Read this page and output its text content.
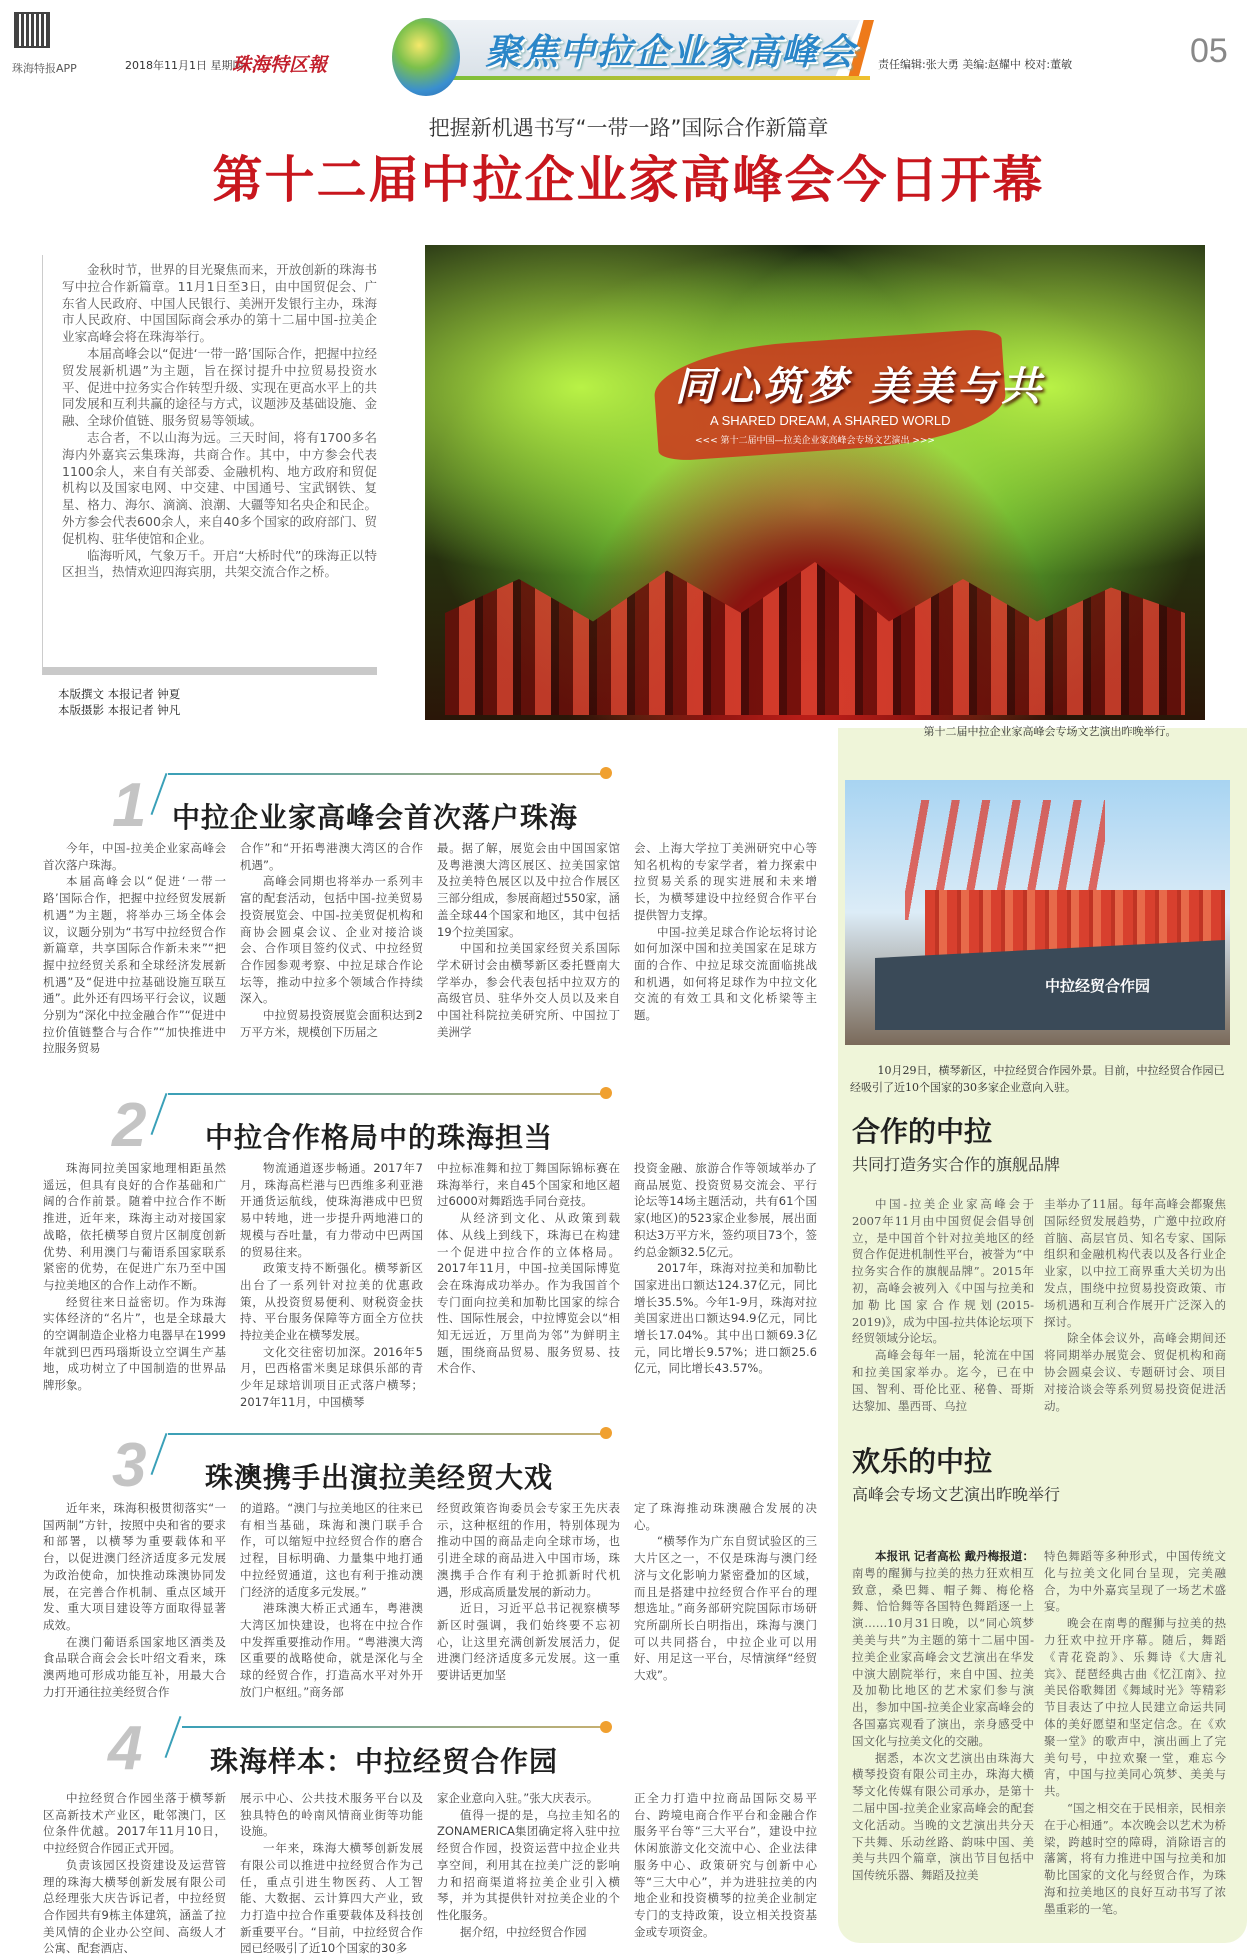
珠海特报APP	2018年11月1日 星期四
珠海特区報	聚焦中拉企业家高峰会 责任编辑:张大勇 美编:赵耀中 校对:董敏	05
把握新机遇书写“一带一路”国际合作新篇章
第十二届中拉企业家高峰会今日开幕

金秋时节，世界的目光聚焦而来，开放创新的珠海书写中拉合作新篇章。11月1日至3日，由中国贸促会、广东省人民政府、中国人民银行、美洲开发银行主办，珠海市人民政府、中国国际商会承办的第十二届中国-拉美企业家高峰会将在珠海举行。

本届高峰会以“促进‘一带一路’国际合作，把握中拉经贸发展新机遇”为主题，旨在探讨提升中拉贸易投资水平、促进中拉务实合作转型升级、实现在更高水平上的共同发展和互利共赢的途径与方式，议题涉及基础设施、金融、全球价值链、服务贸易等领域。

志合者，不以山海为远。三天时间，将有1700多名海内外嘉宾云集珠海，共商合作。其中，中方参会代表1100余人，来自有关部委、金融机构、地方政府和贸促机构以及国家电网、中交建、中国通号、宝武钢铁、复星、格力、海尔、滴滴、浪潮、大疆等知名央企和民企。外方参会代表600余人，来自40多个国家的政府部门、贸促机构、驻华使馆和企业。

临海听风，气象万千。开启“大桥时代”的珠海正以特区担当，热情欢迎四海宾朋，共架交流合作之桥。

本版撰文 本报记者 钟夏
本版摄影 本报记者 钟凡
同心筑梦 美美与共
A SHARED DREAM, A SHARED WORLD
<<< 第十二届中国—拉美企业家高峰会专场文艺演出 >>>
第十二届中拉企业家高峰会专场文艺演出昨晚举行。
中拉经贸合作园
10月29日，横琴新区，中拉经贸合作园外景。目前，中拉经贸合作园已经吸引了近10个国家的30多家企业意向入驻。
合作的中拉
共同打造务实合作的旗舰品牌

中国-拉美企业家高峰会于2007年11月由中国贸促会倡导创立，是中国首个针对拉美地区的经贸合作促进机制性平台，被誉为“中拉务实合作的旗舰品牌”。2015年初，高峰会被列入《中国与拉美和加勒比国家合作规划(2015-2019)》，成为中国-拉共体论坛项下经贸领域分论坛。

高峰会每年一届，轮流在中国和拉美国家举办。迄今，已在中国、智利、哥伦比亚、秘鲁、哥斯达黎加、墨西哥、乌拉

圭举办了11届。每年高峰会都聚焦国际经贸发展趋势，广邀中拉政府首脑、高层官员、知名专家、国际组织和金融机构代表以及各行业企业家，以中拉工商界重大关切为出发点，围绕中拉贸易投资政策、市场机遇和互利合作展开广泛深入的探讨。

除全体会议外，高峰会期间还将同期举办展览会、贸促机构和商协会圆桌会议、专题研讨会、项目对接洽谈会等系列贸易投资促进活动。

欢乐的中拉
高峰会专场文艺演出昨晚举行

本报讯 记者高松 戴丹梅报道：南粤的醒狮与拉美的热力狂欢相互致意，桑巴舞、帽子舞、梅伦格舞、恰恰舞等各国特色舞蹈逐一上演……10月31日晚，以“同心筑梦 美美与共”为主题的第十二届中国-拉美企业家高峰会文艺演出在华发中演大剧院举行，来自中国、拉美及加勒比地区的艺术家们参与演出，参加中国-拉美企业家高峰会的各国嘉宾观看了演出，亲身感受中国文化与拉美文化的交融。

据悉，本次文艺演出由珠海大横琴投资有限公司主办，珠海大横琴文化传媒有限公司承办，是第十二届中国-拉美企业家高峰会的配套文化活动。当晚的文艺演出共分天下共舞、乐动丝路、韵味中国、美美与共四个篇章，演出节目包括中国传统乐器、舞蹈及拉美

特色舞蹈等多种形式，中国传统文化与拉美文化同台呈现，完美融合，为中外嘉宾呈现了一场艺术盛宴。

晚会在南粤的醒狮与拉美的热力狂欢中拉开序幕。随后，舞蹈《青花瓷韵》、乐舞诗《大唐礼宾》、琵琶经典古曲《忆江南》、拉美民俗歌舞团《舞域时光》等精彩节目表达了中拉人民建立命运共同体的美好愿望和坚定信念。在《欢聚一堂》的歌声中，演出画上了完美句号，中拉欢聚一堂，难忘今宵，中国与拉美同心筑梦、美美与共。

“国之相交在于民相亲，民相亲在于心相通”。本次晚会以艺术为桥梁，跨越时空的障碍，消除语言的藩篱，将有力推进中国与拉美和加勒比国家的文化与经贸合作，为珠海和拉美地区的良好互动书写了浓墨重彩的一笔。

1 中拉企业家高峰会首次落户珠海

今年，中国-拉美企业家高峰会首次落户珠海。

本届高峰会以“促进‘一带一路’国际合作，把握中拉经贸发展新机遇”为主题，将举办三场全体会议，议题分别为“书写中拉经贸合作新篇章，共享国际合作新未来”“把握中拉经贸关系和全球经济发展新机遇”及“促进中拉基础设施互联互通”。此外还有四场平行会议，议题分别为“深化中拉金融合作”“促进中拉价值链整合与合作”“加快推进中拉服务贸易

合作”和“开拓粤港澳大湾区的合作机遇”。

高峰会同期也将举办一系列丰富的配套活动，包括中国-拉美贸易投资展览会、中国-拉美贸促机构和商协会圆桌会议、企业对接洽谈会、合作项目签约仪式、中拉经贸合作园参观考察、中拉足球合作论坛等，推动中拉多个领域合作持续深入。

中拉贸易投资展览会面积达到2万平方米，规模创下历届之

最。据了解，展览会由中国国家馆及粤港澳大湾区展区、拉美国家馆及拉美特色展区以及中拉合作展区三部分组成，参展商超过550家，涵盖全球44个国家和地区，其中包括19个拉美国家。

中国和拉美国家经贸关系国际学术研讨会由横琴新区委托暨南大学举办，参会代表包括中拉双方的高级官员、驻华外交人员以及来自中国社科院拉美研究所、中国拉丁美洲学

会、上海大学拉丁美洲研究中心等知名机构的专家学者，着力探索中拉贸易关系的现实进展和未来增长，为横琴建设中拉经贸合作平台提供智力支撑。

中国-拉美足球合作论坛将讨论如何加深中国和拉美国家在足球方面的合作、中拉足球交流面临挑战和机遇，如何将足球作为中拉文化交流的有效工具和文化桥梁等主题。

2 中拉合作格局中的珠海担当

珠海同拉美国家地理相距虽然遥远，但具有良好的合作基础和广阔的合作前景。随着中拉合作不断推进，近年来，珠海主动对接国家战略，依托横琴自贸片区制度创新优势、利用澳门与葡语系国家联系紧密的优势，在促进广东乃至中国与拉美地区的合作上动作不断。

经贸往来日益密切。作为珠海实体经济的“名片”，也是全球最大的空调制造企业格力电器早在1999年就到巴西玛瑙斯设立空调生产基地，成功树立了中国制造的世界品牌形象。

物流通道逐步畅通。2017年7月，珠海高栏港与巴西维多利亚港开通货运航线，使珠海港成中巴贸易中转地，进一步提升两地港口的规模与吞吐量，有力带动中巴两国的贸易往来。

政策支持不断强化。横琴新区出台了一系列针对拉美的优惠政策，从投资贸易便利、财税资金扶持、平台服务保障等方面全方位扶持拉美企业在横琴发展。

文化交往密切加深。2016年5月，巴西格雷米奥足球俱乐部的青少年足球培训项目正式落户横琴；2017年11月，中国横琴

中拉标准舞和拉丁舞国际锦标赛在珠海举行，来自45个国家和地区超过6000对舞蹈选手同台竞技。

从经济到文化、从政策到载体、从线上到线下，珠海已在构建一个促进中拉合作的立体格局。2017年11月，中国-拉美国际博览会在珠海成功举办。作为我国首个专门面向拉美和加勒比国家的综合性、国际性展会，中拉博览会以“相知无远近，万里尚为邻”为鲜明主题，围绕商品贸易、服务贸易、技术合作、

投资金融、旅游合作等领域举办了商品展览、投资贸易交流会、平行论坛等14场主题活动，共有61个国家(地区)的523家企业参展，展出面积达3万平方米，签约项目73个，签约总金额32.5亿元。

2017年，珠海对拉美和加勒比国家进出口额达124.37亿元，同比增长35.5%。今年1-9月，珠海对拉美国家进出口额达94.9亿元，同比增长17.04%。其中出口额69.3亿元，同比增长9.57%；进口额25.6亿元，同比增长43.57%。

3 珠澳携手出演拉美经贸大戏

近年来，珠海积极贯彻落实“一国两制”方针，按照中央和省的要求和部署，以横琴为重要载体和平台，以促进澳门经济适度多元发展为政治使命，加快推动珠澳协同发展，在完善合作机制、重点区域开发、重大项目建设等方面取得显著成效。

在澳门葡语系国家地区酒类及食品联合商会会长叶绍文看来，珠澳两地可形成功能互补，用最大合力打开通往拉美经贸合作

的道路。“澳门与拉美地区的往来已有相当基础，珠海和澳门联手合作，可以缩短中拉经贸合作的磨合过程，目标明确、力量集中地打通中拉经贸通道，这也有利于推动澳门经济的适度多元发展。”

港珠澳大桥正式通车，粤港澳大湾区加快建设，也将在中拉合作中发挥重要推动作用。“粤港澳大湾区重要的战略使命，就是深化与全球的经贸合作，打造高水平对外开放门户枢纽。”商务部

经贸政策咨询委员会专家王先庆表示，这种枢纽的作用，特别体现为推动中国的商品走向全球市场，也引进全球的商品进入中国市场，珠澳携手合作有利于抢抓新时代机遇，形成高质量发展的新动力。

近日，习近平总书记视察横琴新区时强调，我们始终要不忘初心，让这里充满创新发展活力，促进澳门经济适度多元发展。这一重要讲话更加坚

定了珠海推动珠澳融合发展的决心。

“横琴作为广东自贸试验区的三大片区之一，不仅是珠海与澳门经济与文化影响力紧密叠加的区域，而且是搭建中拉经贸合作平台的理想选址。”商务部研究院国际市场研究所副所长白明指出，珠海与澳门可以共同搭台，中拉企业可以用好、用足这一平台，尽情演绎“经贸大戏”。

4 珠海样本：中拉经贸合作园

中拉经贸合作园坐落于横琴新区高新技术产业区，毗邻澳门，区位条件优越。2017年11月10日，中拉经贸合作园正式开园。

负责该园区投资建设及运营管理的珠海大横琴创新发展有限公司总经理张大庆告诉记者，中拉经贸合作园共有9栋主体建筑，涵盖了拉美风情的企业办公空间、高级人才公寓、配套酒店、

展示中心、公共技术服务平台以及独具特色的岭南风情商业街等功能设施。

一年来，珠海大横琴创新发展有限公司以推进中拉经贸合作为己任，重点引进生物医药、人工智能、大数据、云计算四大产业，致力打造中拉合作重要载体及科技创新重要平台。“目前，中拉经贸合作园已经吸引了近10个国家的30多

家企业意向入驻。”张大庆表示。

值得一提的是，乌拉圭知名的ZONAMERICA集团确定将入驻中拉经贸合作园，投资运营中拉企业共享空间，利用其在拉美广泛的影响力和招商渠道将拉美企业引入横琴，并为其提供针对拉美企业的个性化服务。

据介绍，中拉经贸合作园

正全力打造中拉商品国际交易平台、跨境电商合作平台和金融合作服务平台等“三大平台”，建设中拉休闲旅游文化交流中心、企业法律服务中心、政策研究与创新中心等“三大中心”，并为进驻拉美的内地企业和投资横琴的拉美企业制定专门的支持政策，设立相关投资基金或专项资金。
